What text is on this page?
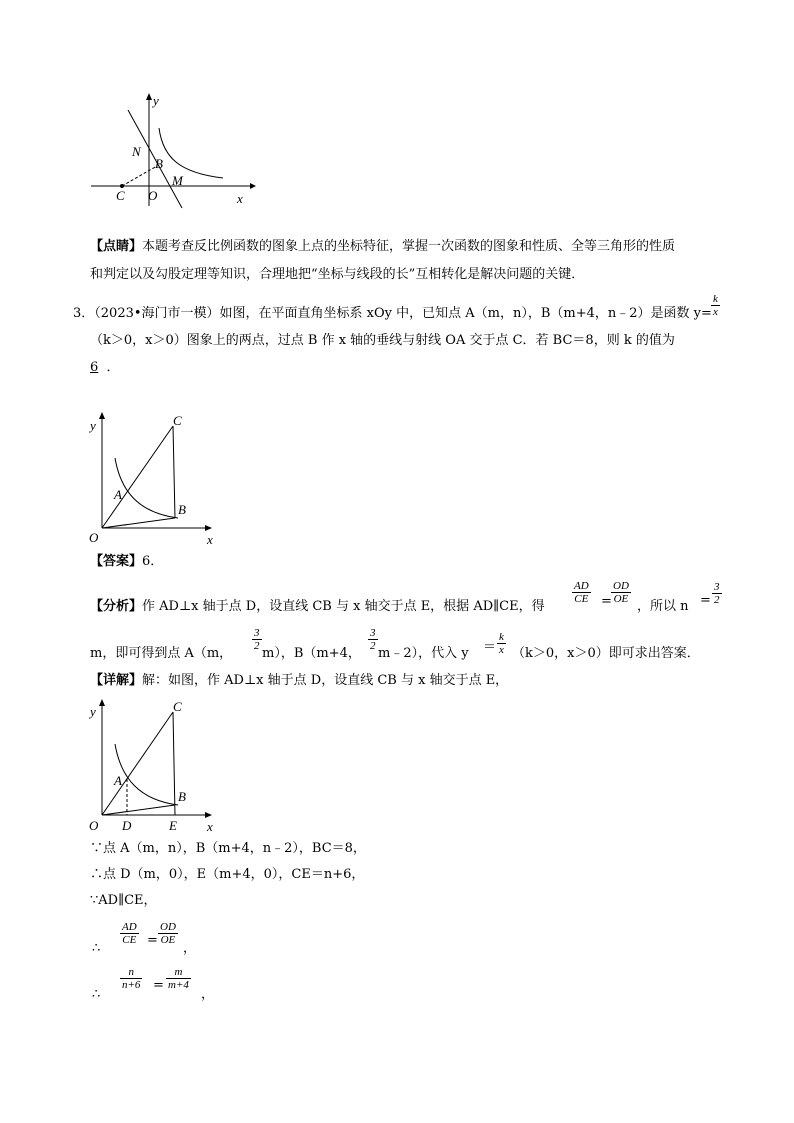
y
N
B
M
C O	x
【点睛】本题考查反比例函数的图象上点的坐标特征，掌握一次函数的图象和性质、全等三角形的性质
和判定以及勾股定理等知识，合理地把“坐标与线段的长”互相转化是解决问题的关键．
3．（2023•海门市一模）如图，在平面直角坐标系 xOy 中，已知点 A（m，n），B（m+4，n﹣2）是函数 $y= \frac{k}{x}$
（k＞0，x＞0）图象上的两点，过点 B 作 x 轴的垂线与射线 OA 交于点 C．若 BC＝8，则 k 的值为
6 ．
y	C
A
B
O	x
【答案】6．
【分析】作 AD⊥x 轴于点 D，设直线 CB 与 x 轴交于点 E，根据 AD∥CE，得
$\frac{AD}{CE} = \frac{OD}{OE}$
，所以 $n = \frac{3}{2}$
m，即可得到点 A（m，
$\frac{3}{2}$
m），B（m+4，
$\frac{3}{2}$
m﹣2），代入 $y = \frac{k}{x} (k>0$，x＞0）即可求出答案．
【详解】解：如图，作 AD⊥x 轴于点 D，设直线 CB 与 x 轴交于点 E，
y	C
A
B
O D	E x
∵点 A（m，n），B（m+4，n﹣2），BC＝8，
∴点 D（m，0），E（m+4，0），CE＝n+6，
∵AD∥CE，
∴
$\frac{AD}{CE} = \frac{OD}{OE}$
，
∴
$\frac{n}{n+6} = \frac{m}{m+4}$
，
